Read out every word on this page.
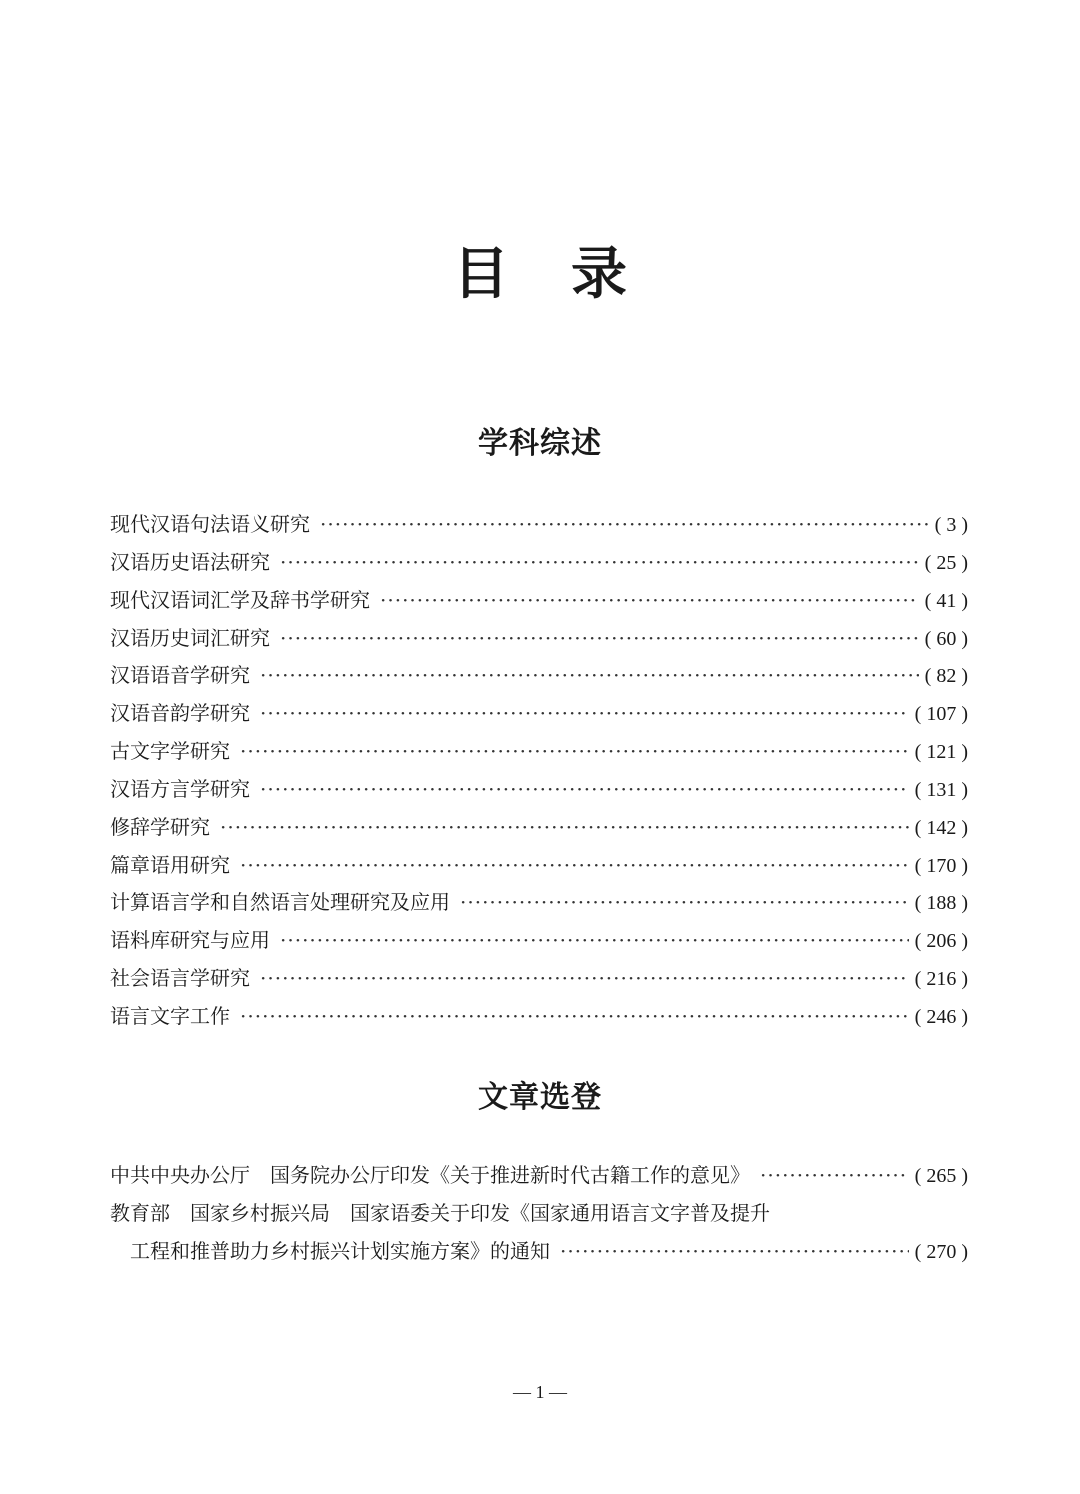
目录
学科综述
现代汉语句法语义研究 ·····	( 3 )
汉语历史语法研究 ·····	( 25 )
现代汉语词汇学及辞书学研究 ·····	( 41 )
汉语历史词汇研究 ·····	( 60 )
汉语语音学研究 ·····	( 82 )
汉语音韵学研究 ·····	( 107 )
古文字学研究 ·····	( 121 )
汉语方言学研究 ·····	( 131 )
修辞学研究 ·····	( 142 )
篇章语用研究 ·····	( 170 )
计算语言学和自然语言处理研究及应用 ·····	( 188 )
语料库研究与应用 ·····	( 206 )
社会语言学研究 ·····	( 216 )
语言文字工作 ·····	( 246 )
文章选登
中共中央办公厅　国务院办公厅印发《关于推进新时代古籍工作的意见》 ·····	( 265 )
教育部　国家乡村振兴局　国家语委关于印发《国家通用语言文字普及提升
工程和推普助力乡村振兴计划实施方案》的通知 ·····	( 270 )
— 1 —
